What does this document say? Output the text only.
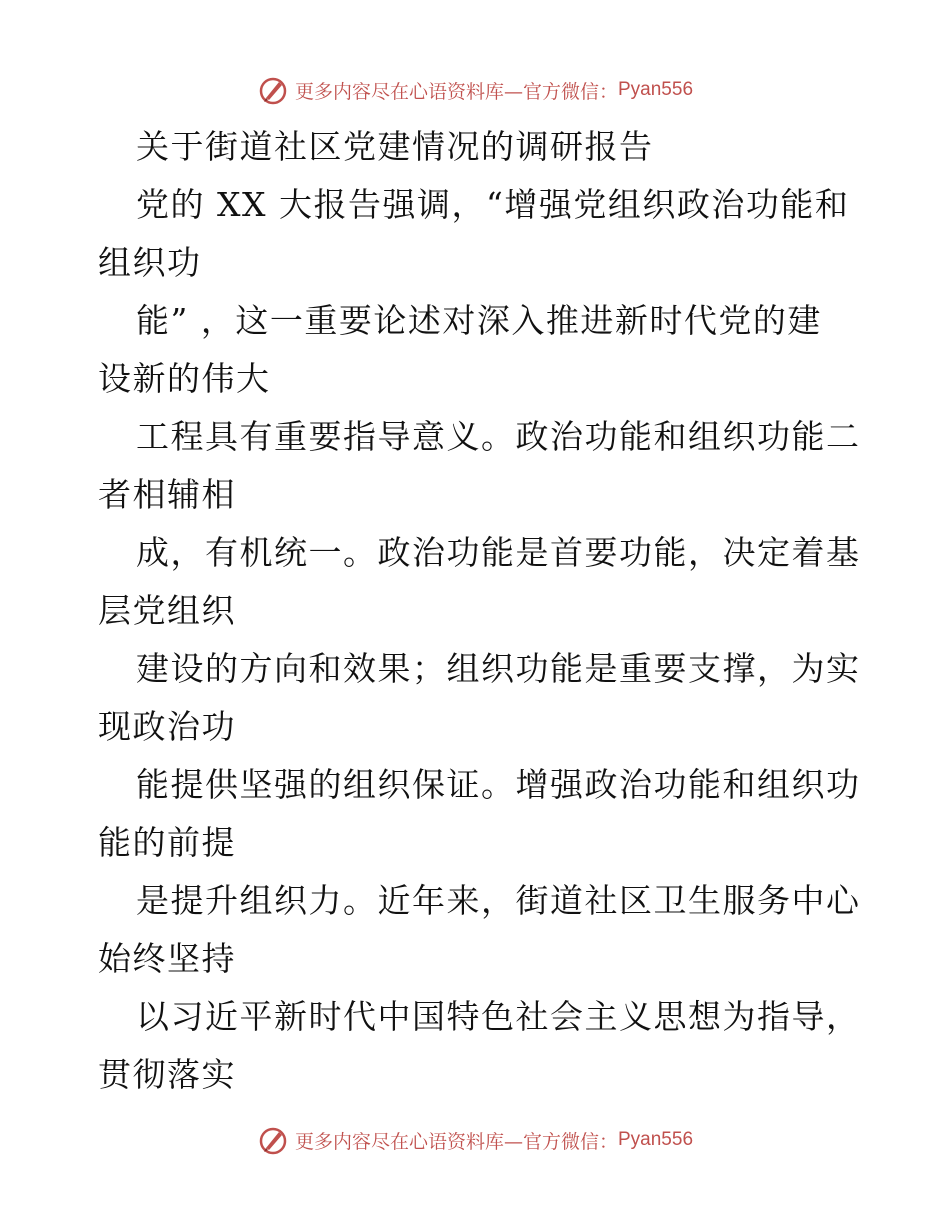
更多内容尽在心语资料库—官方微信： Pyan556
关于街道社区党建情况的调研报告
党的 XX 大报告强调，“增强党组织政治功能和
组织功
能” ，这一重要论述对深入推进新时代党的建
设新的伟大
工程具有重要指导意义。政治功能和组织功能二
者相辅相
成，有机统一。政治功能是首要功能，决定着基
层党组织
建设的方向和效果；组织功能是重要支撑，为实
现政治功
能提供坚强的组织保证。增强政治功能和组织功
能的前提
是提升组织力。近年来，街道社区卫生服务中心
始终坚持
以习近平新时代中国特色社会主义思想为指导，
贯彻落实
更多内容尽在心语资料库—官方微信： Pyan556
